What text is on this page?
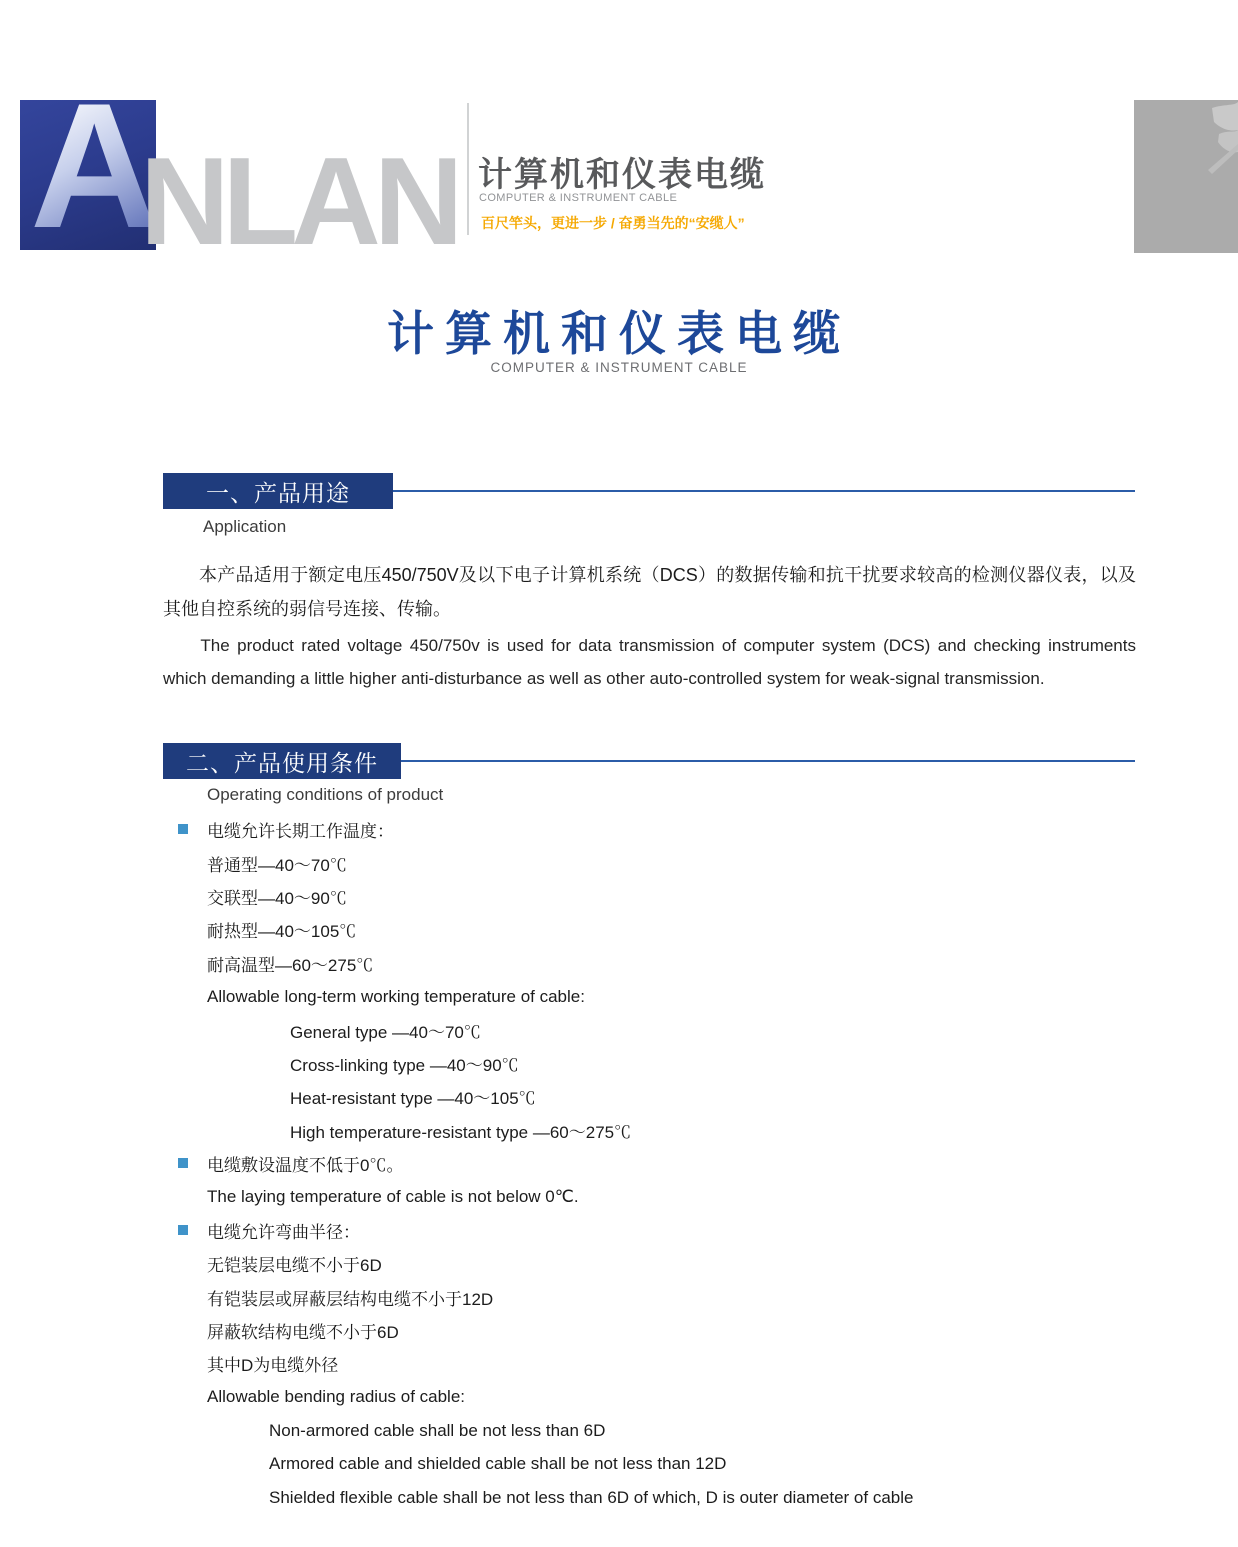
A
NLAN 计算机和仪表电缆
COMPUTER & INSTRUMENT CABLE
百尺竿头，更进一步 / 奋勇当先的“安缆人”
计算机和仪表电缆
COMPUTER & INSTRUMENT CABLE
一、产品用途
Application
本产品适用于额定电压450/750V及以下电子计算机系统（DCS）的数据传输和抗干扰要求较高的检测仪器仪表，以及其他自控系统的弱信号连接、传输。
The product rated voltage 450/750v is used for data transmission of computer system (DCS) and checking instruments which demanding a little higher anti-disturbance as well as other auto-controlled system for weak-signal transmission.
二、产品使用条件
Operating conditions of product
电缆允许长期工作温度：
普通型—40～70℃
交联型—40～90℃
耐热型—40～105℃
耐高温型—60～275℃
Allowable long-term working temperature of cable:
General type —40～70℃
Cross-linking type —40～90℃
Heat-resistant type —40～105℃
High temperature-resistant type —60～275℃
电缆敷设温度不低于0℃。
The laying temperature of cable is not below 0℃.
电缆允许弯曲半径：
无铠装层电缆不小于6D
有铠装层或屏蔽层结构电缆不小于12D
屏蔽软结构电缆不小于6D
其中D为电缆外径
Allowable bending radius of cable:
Non-armored cable shall be not less than 6D
Armored cable and shielded cable shall be not less than 12D
Shielded flexible cable shall be not less than 6D of which, D is outer diameter of cable
